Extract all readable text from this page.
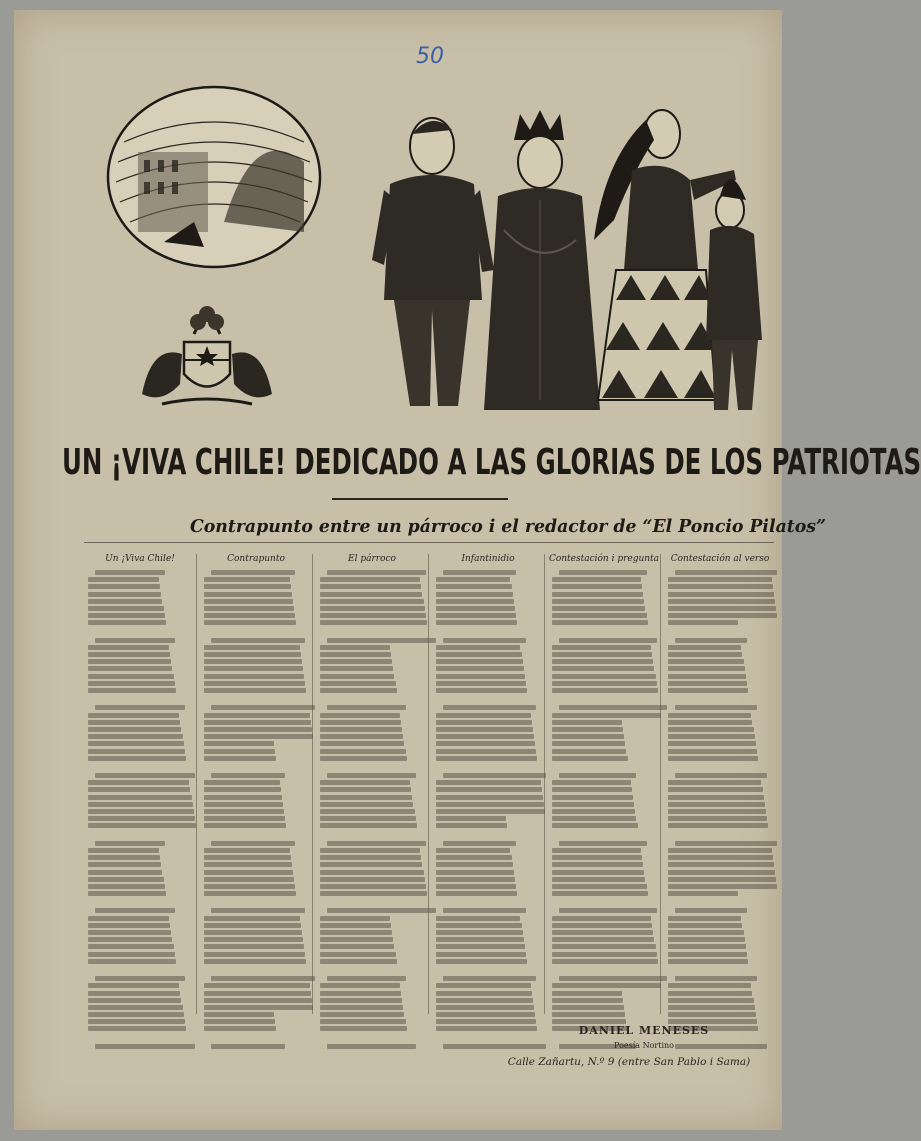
50
UN ¡VIVA CHILE! DEDICADO A LAS GLORIAS DE LOS PATRIOTAS
Contrapunto entre un párroco i el redactor de “El Poncio Pilatos”
Un ¡Viva Chile!	Contrapunto	El párroco	Infantinidio	Contestación i pregunta	Contestación al verso
DANIEL MENESES
Poesía Nortino
Calle Zañartu, N.º 9 (entre San Pablo i Sama)
